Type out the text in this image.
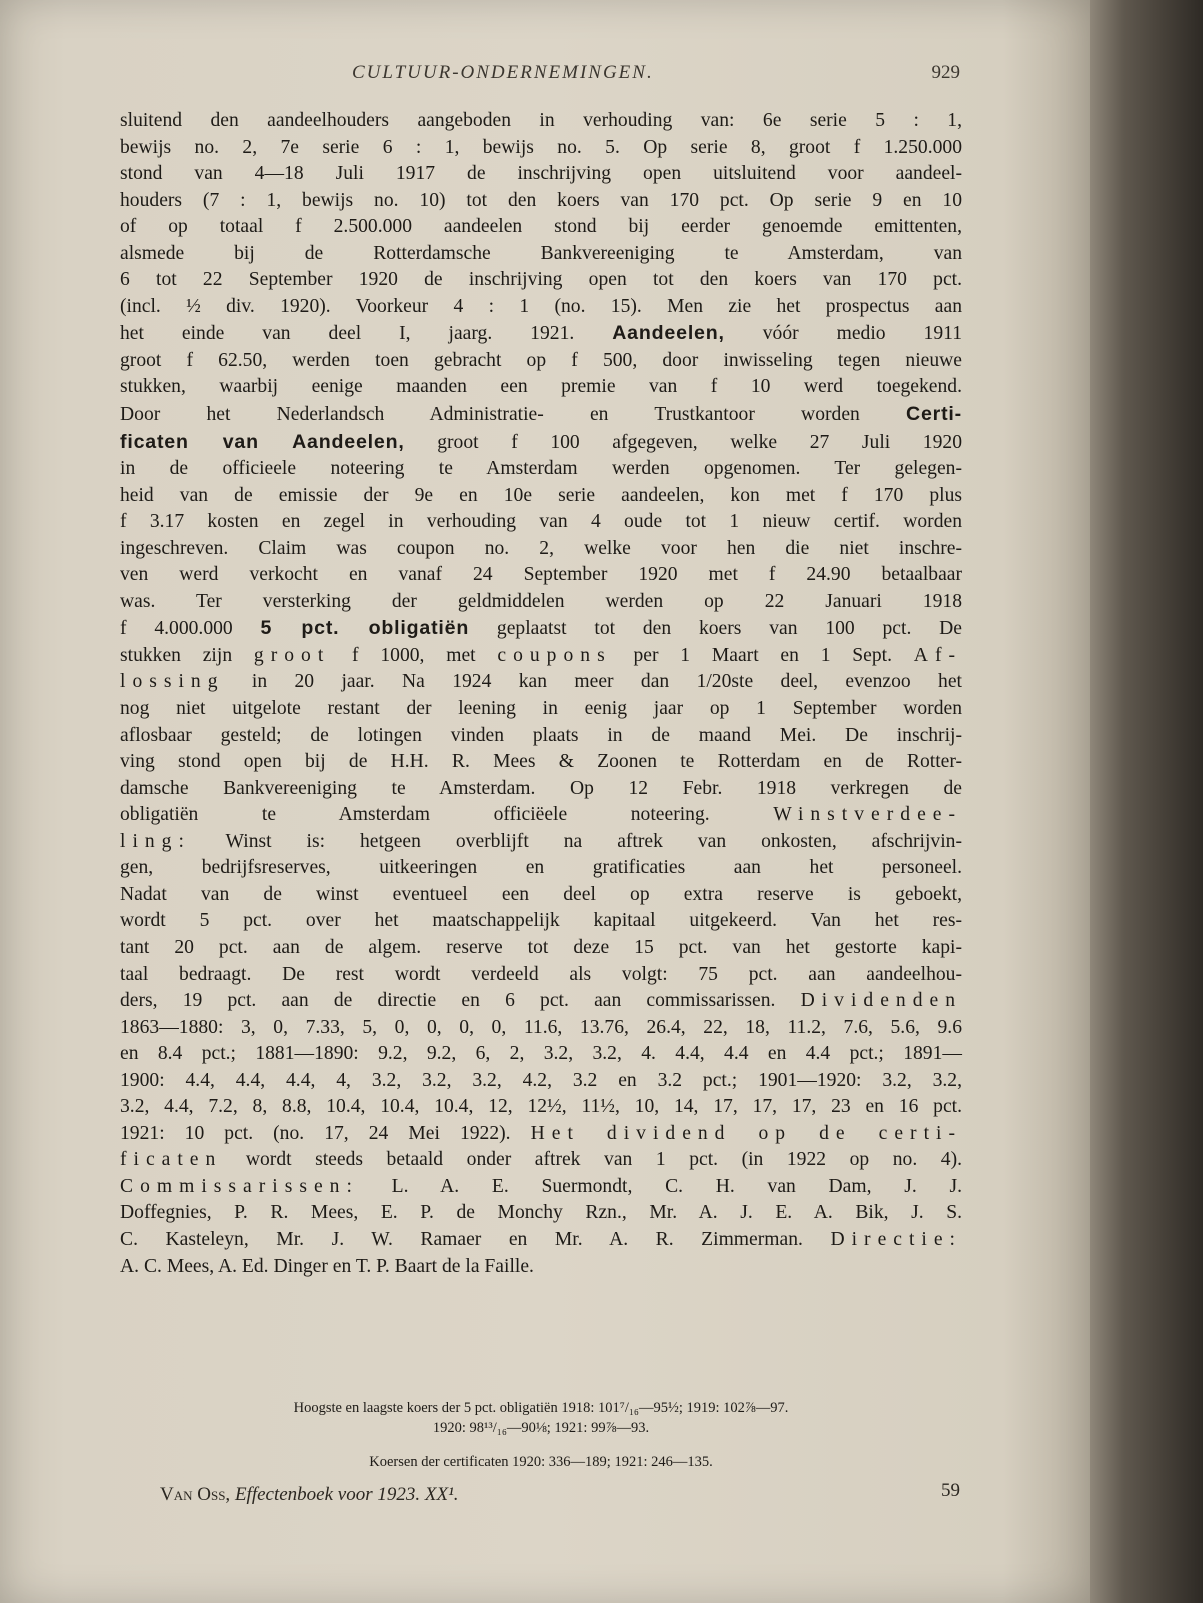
CULTUUR-ONDERNEMINGEN.	929
sluitend den aandeelhouders aangeboden in verhouding van: 6e serie 5 : 1,
bewijs no. 2, 7e serie 6 : 1, bewijs no. 5. Op serie 8, groot f 1.250.000
stond van 4—18 Juli 1917 de inschrijving open uitsluitend voor aandeel-
houders (7 : 1, bewijs no. 10) tot den koers van 170 pct. Op serie 9 en 10
of op totaal f 2.500.000 aandeelen stond bij eerder genoemde emittenten,
alsmede bij de Rotterdamsche Bankvereeniging te Amsterdam, van
6 tot 22 September 1920 de inschrijving open tot den koers van 170 pct.
(incl. ½ div. 1920). Voorkeur 4 : 1 (no. 15). Men zie het prospectus aan
het einde van deel I, jaarg. 1921. Aandeelen, vóór medio 1911
groot f 62.50, werden toen gebracht op f 500, door inwisseling tegen nieuwe
stukken, waarbij eenige maanden een premie van f 10 werd toegekend.
Door het Nederlandsch Administratie- en Trustkantoor worden Certi-
ficaten van Aandeelen, groot f 100 afgegeven, welke 27 Juli 1920
in de officieele noteering te Amsterdam werden opgenomen. Ter gelegen-
heid van de emissie der 9e en 10e serie aandeelen, kon met f 170 plus
f 3.17 kosten en zegel in verhouding van 4 oude tot 1 nieuw certif. worden
ingeschreven. Claim was coupon no. 2, welke voor hen die niet inschre-
ven werd verkocht en vanaf 24 September 1920 met f 24.90 betaalbaar
was. Ter versterking der geldmiddelen werden op 22 Januari 1918
f 4.000.000 5 pct. obligatiën geplaatst tot den koers van 100 pct. De
stukken zijn groot f 1000, met coupons per 1 Maart en 1 Sept. Af-
lossing in 20 jaar. Na 1924 kan meer dan 1/20ste deel, evenzoo het
nog niet uitgelote restant der leening in eenig jaar op 1 September worden
aflosbaar gesteld; de lotingen vinden plaats in de maand Mei. De inschrij-
ving stond open bij de H.H. R. Mees & Zoonen te Rotterdam en de Rotter-
damsche Bankvereeniging te Amsterdam. Op 12 Febr. 1918 verkregen de
obligatiën te Amsterdam officiëele noteering. Winstverdee-
ling: Winst is: hetgeen overblijft na aftrek van onkosten, afschrijvin-
gen, bedrijfsreserves, uitkeeringen en gratificaties aan het personeel.
Nadat van de winst eventueel een deel op extra reserve is geboekt,
wordt 5 pct. over het maatschappelijk kapitaal uitgekeerd. Van het res-
tant 20 pct. aan de algem. reserve tot deze 15 pct. van het gestorte kapi-
taal bedraagt. De rest wordt verdeeld als volgt: 75 pct. aan aandeelhou-
ders, 19 pct. aan de directie en 6 pct. aan commissarissen. Dividenden
1863—1880: 3, 0, 7.33, 5, 0, 0, 0, 0, 11.6, 13.76, 26.4, 22, 18, 11.2, 7.6, 5.6, 9.6
en 8.4 pct.; 1881—1890: 9.2, 9.2, 6, 2, 3.2, 3.2, 4. 4.4, 4.4 en 4.4 pct.; 1891—
1900: 4.4, 4.4, 4.4, 4, 3.2, 3.2, 3.2, 4.2, 3.2 en 3.2 pct.; 1901—1920: 3.2, 3.2,
3.2, 4.4, 7.2, 8, 8.8, 10.4, 10.4, 10.4, 12, 12½, 11½, 10, 14, 17, 17, 17, 23 en 16 pct.
1921: 10 pct. (no. 17, 24 Mei 1922). Het dividend op de certi-
ficaten wordt steeds betaald onder aftrek van 1 pct. (in 1922 op no. 4).
Commissarissen: L. A. E. Suermondt, C. H. van Dam, J. J.
Doffegnies, P. R. Mees, E. P. de Monchy Rzn., Mr. A. J. E. A. Bik, J. S.
C. Kasteleyn, Mr. J. W. Ramaer en Mr. A. R. Zimmerman. Directie:
A. C. Mees, A. Ed. Dinger en T. P. Baart de la Faille.
Hoogste en laagste koers der 5 pct. obligatiën 1918: 101⁷/₁₆—95½; 1919: 102⅞—97.
1920: 98¹³/₁₆—90⅛; 1921: 99⅞—93.
Koersen der certificaten 1920: 336—189; 1921: 246—135.
Van Oss, Effectenboek voor 1923. XX¹.	59
